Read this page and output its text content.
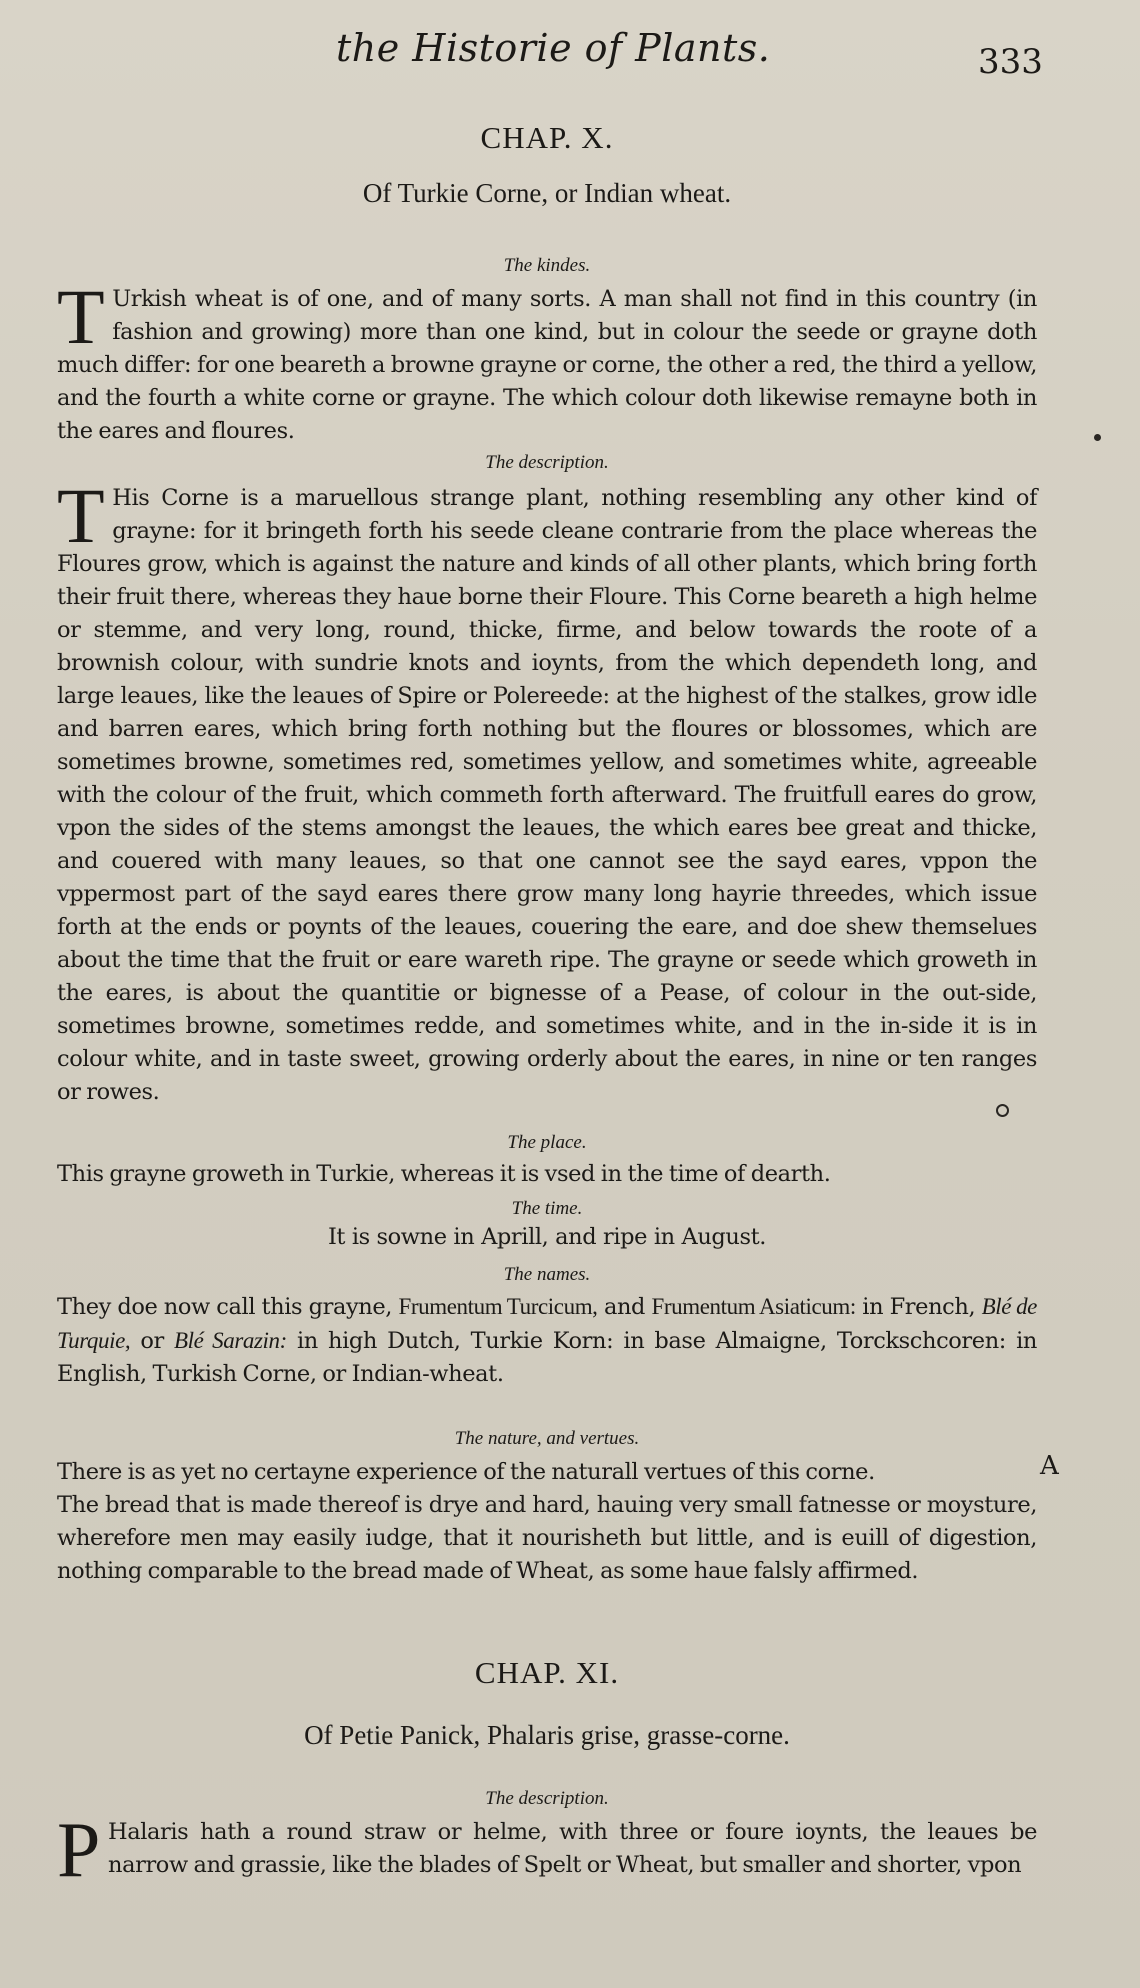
the Historie of Plants.	333

CHAP. X.

Of Turkie Corne, or Indian wheat.

The kindes.

T Urkish wheat is of one, and of many sorts. A man shall not find in this country (in fashion and growing) more than one kind, but in colour the seede or grayne doth much differ: for one beareth a browne grayne or corne, the other a red, the third a yellow, and the fourth a white corne or grayne. The which colour doth likewise remayne both in the eares and floures.

The description.

T His Corne is a maruellous strange plant, nothing resembling any other kind of grayne: for it bringeth forth his seede cleane contrarie from the place whereas the Floures grow, which is against the nature and kinds of all other plants, which bring forth their fruit there, whereas they haue borne their Floure. This Corne beareth a high helme or stemme, and very long, round, thicke, firme, and below towards the roote of a brownish colour, with sundrie knots and ioynts, from the which dependeth long, and large leaues, like the leaues of Spire or Polereede: at the highest of the stalkes, grow idle and barren eares, which bring forth nothing but the floures or blossomes, which are sometimes browne, sometimes red, sometimes yellow, and sometimes white, agreeable with the colour of the fruit, which commeth forth afterward. The fruitfull eares do grow, vpon the sides of the stems amongst the leaues, the which eares bee great and thicke, and couered with many leaues, so that one cannot see the sayd eares, vppon the vppermost part of the sayd eares there grow many long hayrie threedes, which issue forth at the ends or poynts of the leaues, couering the eare, and doe shew themselues about the time that the fruit or eare wareth ripe. The grayne or seede which groweth in the eares, is about the quantitie or bignesse of a Pease, of colour in the out-side, sometimes browne, sometimes redde, and sometimes white, and in the in-side it is in colour white, and in taste sweet, growing orderly about the eares, in nine or ten ranges or rowes.

The place.

This grayne groweth in Turkie, whereas it is vsed in the time of dearth.

The time.

It is sowne in Aprill, and ripe in August.

The names.

They doe now call this grayne, Frumentum Turcicum, and Frumentum Asiaticum: in French, Blé de Turquie, or Blé Sarazin: in high Dutch, Turkie Korn: in base Almaigne, Torckschcoren: in English, Turkish Corne, or Indian-wheat.

The nature, and vertues.

There is as yet no certayne experience of the naturall vertues of this corne.

The bread that is made thereof is drye and hard, hauing very small fatnesse or moysture, wherefore men may easily iudge, that it nourisheth but little, and is euill of digestion, nothing comparable to the bread made of Wheat, as some haue falsly affirmed.

A

CHAP. XI.

Of Petie Panick, Phalaris grise, grasse-corne.

The description.

P Halaris hath a round straw or helme, with three or foure ioynts, the leaues be narrow and grassie, like the blades of Spelt or Wheat, but smaller and shorter, vpon
